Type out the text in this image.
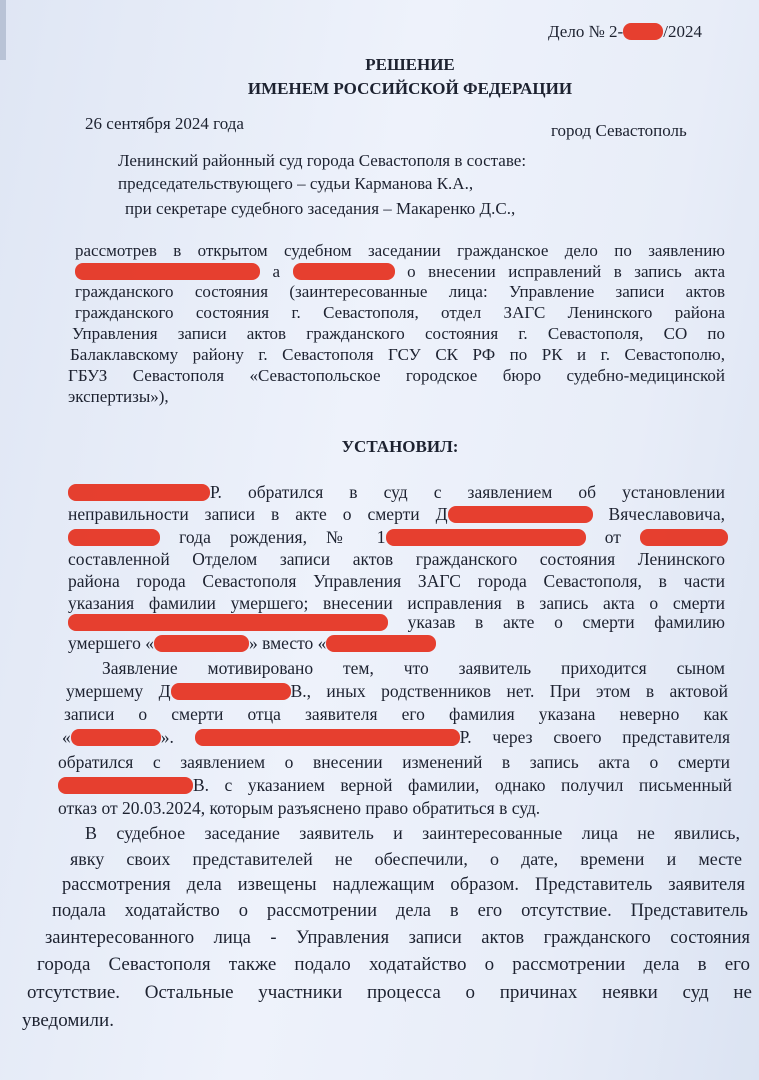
Дело № 2- /2024
РЕШЕНИЕ
ИМЕНЕМ РОССИЙСКОЙ ФЕДЕРАЦИИ
26 сентября 2024 года	город Севастополь
Ленинский районный суд города Севастополя в составе:
председательствующего – судьи Карманова К.А.,
при секретаре судебного заседания – Макаренко Д.С.,
рассмотрев в открытом судебном заседании гражданское дело по заявлению
а	о внесении исправлений в запись акта
гражданского состояния (заинтересованные лица: Управление записи актов
гражданского состояния г. Севастополя, отдел ЗАГС Ленинского района
Управления записи актов гражданского состояния г. Севастополя, СО по
Балаклавскому району г. Севастополя ГСУ СК РФ по РК и г. Севастополю,
ГБУЗ Севастополя «Севастопольское городское бюро судебно-медицинской
экспертизы»),
УСТАНОВИЛ:
Р. обратился в суд с заявлением об установлении
неправильности записи в акте о смерти Д	Вячеславовича,
года рождения, № 1	от
составленной Отделом записи актов гражданского состояния Ленинского
района города Севастополя Управления ЗАГС города Севастополя, в части
указания фамилии умершего; внесении исправления в запись акта о смерти
указав в акте о смерти фамилию
умершего «	» вместо «
Заявление мотивировано тем, что заявитель приходится сыном
умершему Д	В., иных родственников нет. При этом в актовой
записи о смерти отца заявителя его фамилия указана неверно как
«	».	Р. через своего представителя
обратился с заявлением о внесении изменений в запись акта о смерти
В. с указанием верной фамилии, однако получил письменный
отказ от 20.03.2024, которым разъяснено право обратиться в суд.
В судебное заседание заявитель и заинтересованные лица не явились,
явку своих представителей не обеспечили, о дате, времени и месте
рассмотрения дела извещены надлежащим образом. Представитель заявителя
подала ходатайство о рассмотрении дела в его отсутствие. Представитель
заинтересованного лица - Управления записи актов гражданского состояния
города Севастополя также подало ходатайство о рассмотрении дела в его
отсутствие. Остальные участники процесса о причинах неявки суд не
уведомили.
